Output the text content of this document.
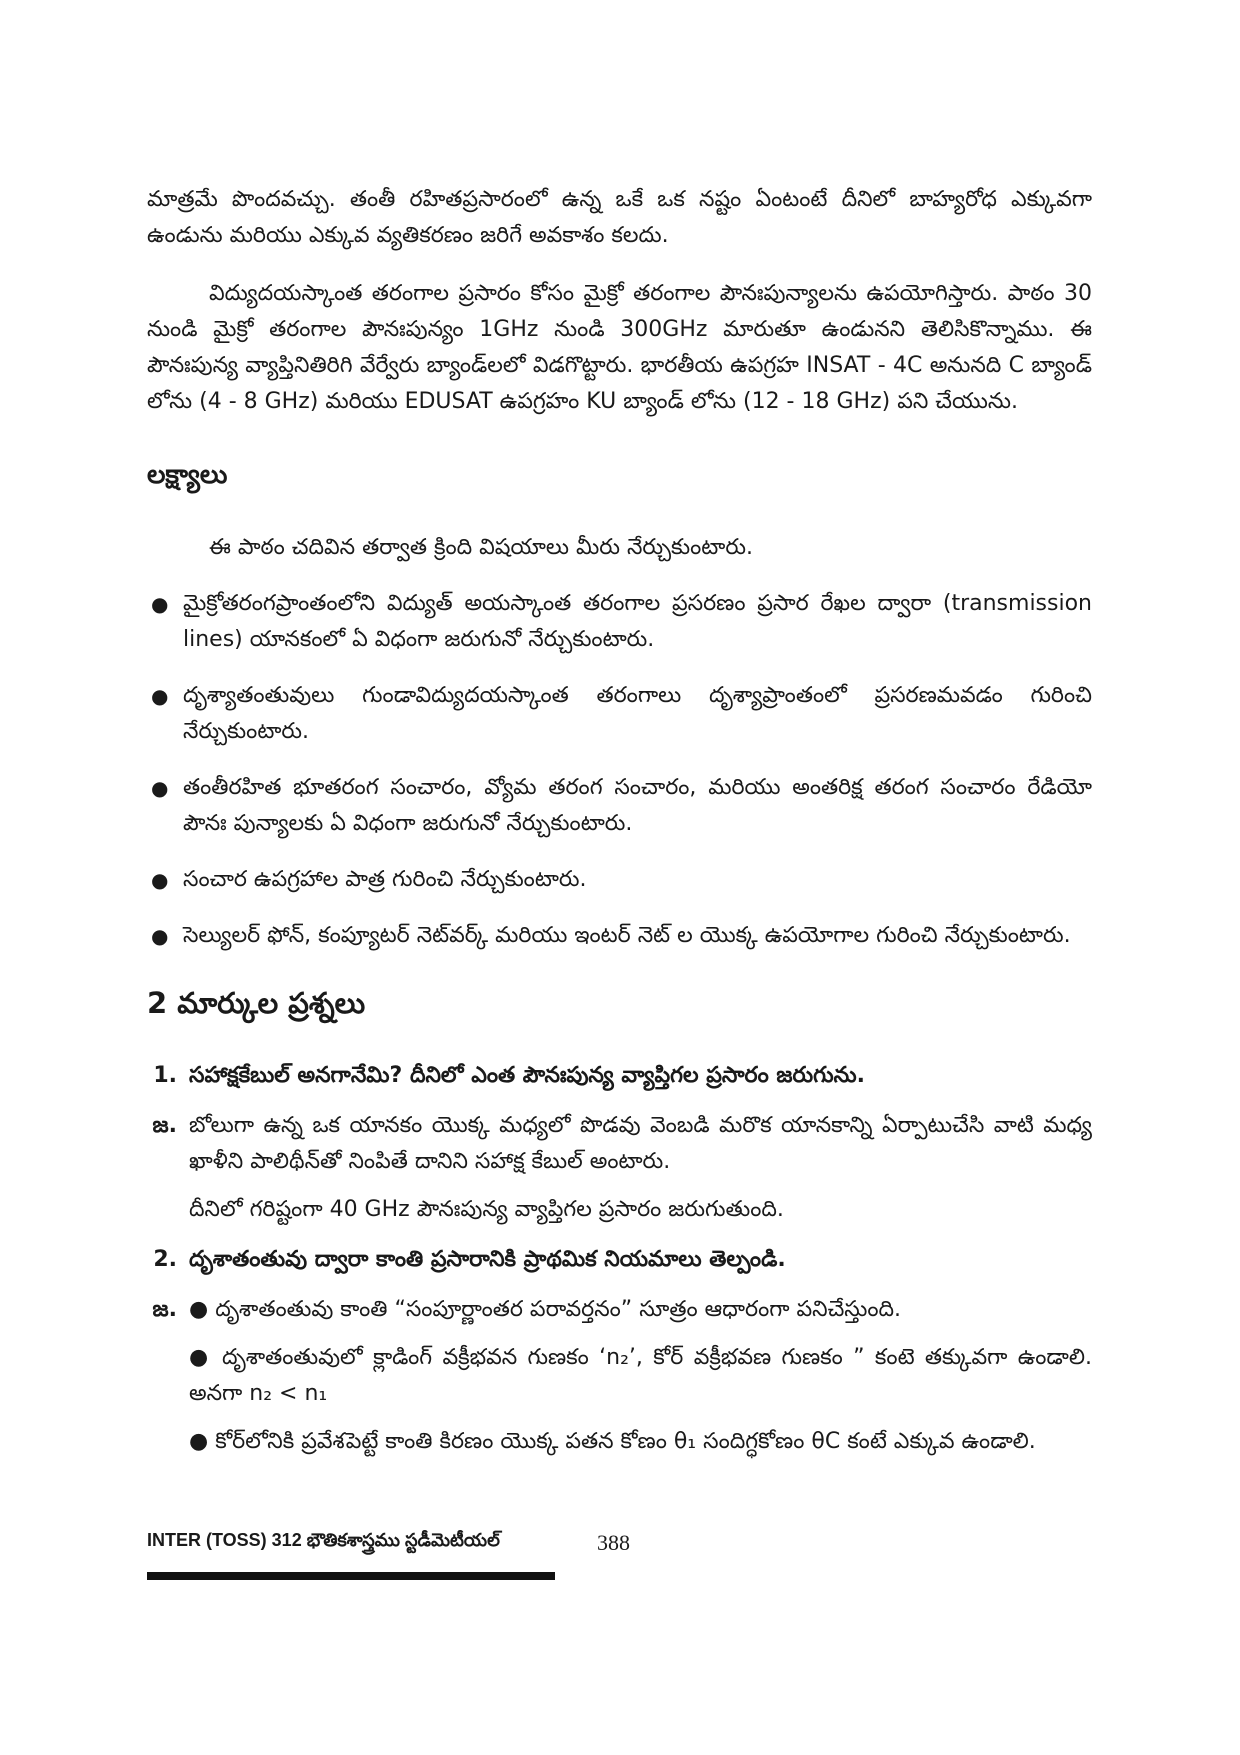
మాత్రమే పొందవచ్చు. తంతీ రహితప్రసారంలో ఉన్న ఒకే ఒక నష్టం ఏంటంటే దీనిలో బాహ్యరోధ ఎక్కువగా ఉండును మరియు ఎక్కువ వ్యతికరణం జరిగే అవకాశం కలదు.

విద్యుదయస్కాంత తరంగాల ప్రసారం కోసం మైక్రో తరంగాల పౌనఃపున్యాలను ఉపయోగిస్తారు. పాఠం 30 నుండి మైక్రో తరంగాల పౌనఃపున్యం 1GHz నుండి 300GHz మారుతూ ఉండునని తెలిసికొన్నాము. ఈ పౌనఃపున్య వ్యాప్తినితిరిగి వేర్వేరు బ్యాండ్‌లలో విడగొట్టారు. భారతీయ ఉపగ్రహ INSAT - 4C అనునది C బ్యాండ్ లోను (4 - 8 GHz) మరియు EDUSAT ఉపగ్రహం KU బ్యాండ్ లోను (12 - 18 GHz) పని చేయును.

లక్ష్యాలు

ఈ పాఠం చదివిన తర్వాత క్రింది విషయాలు మీరు నేర్చుకుంటారు.

● మైక్రోతరంగప్రాంతంలోని విద్యుత్ అయస్కాంత తరంగాల ప్రసరణం ప్రసార రేఖల ద్వారా (transmission lines) యానకంలో ఏ విధంగా జరుగునో నేర్చుకుంటారు.
● దృశ్యాతంతువులు గుండావిద్యుదయస్కాంత తరంగాలు దృశ్యాప్రాంతంలో ప్రసరణమవడం గురించి నేర్చుకుంటారు.
● తంతీరహిత భూతరంగ సంచారం, వ్యోమ తరంగ సంచారం, మరియు అంతరిక్ష తరంగ సంచారం రేడియో పౌనః పున్యాలకు ఏ విధంగా జరుగునో నేర్చుకుంటారు.
● సంచార ఉపగ్రహాల పాత్ర గురించి నేర్చుకుంటారు.
● సెల్యులర్ ఫోన్, కంప్యూటర్ నెట్‌వర్క్ మరియు ఇంటర్ నెట్ ల యొక్క ఉపయోగాల గురించి నేర్చుకుంటారు.
2 మార్కుల ప్రశ్నలు
1. సహాక్షకేబుల్ అనగానేమి? దీనిలో ఎంత పౌనఃపున్య వ్యాప్తిగల ప్రసారం జరుగును.
జ. బోలుగా ఉన్న ఒక యానకం యొక్క మధ్యలో పొడవు వెంబడి మరొక యానకాన్ని ఏర్పాటుచేసి వాటి మధ్య ఖాళీని పాలిథీన్‌తో నింపితే దానిని సహాక్ష కేబుల్ అంటారు.

దీనిలో గరిష్టంగా 40 GHz పౌనఃపున్య వ్యాప్తిగల ప్రసారం జరుగుతుంది.

2. దృశాతంతువు ద్వారా కాంతి ప్రసారానికి ప్రాథమిక నియమాలు తెల్పండి.
జ. ● దృశాతంతువు కాంతి “సంపూర్ణాంతర పరావర్తనం” సూత్రం ఆధారంగా పనిచేస్తుంది.

● దృశాతంతువులో క్లాడింగ్ వక్రీభవన గుణకం ‘n₂’, కోర్ వక్రీభవణ గుణకం ” కంటె తక్కువగా ఉండాలి. అనగా n₂ < n₁

● కోర్‌లోనికి ప్రవేశపెట్టే కాంతి కిరణం యొక్క పతన కోణం θ₁ సందిగ్ధకోణం θC కంటే ఎక్కువ ఉండాలి.

INTER (TOSS) 312 భౌతికశాస్త్రము స్టడీమెటీయల్	388
